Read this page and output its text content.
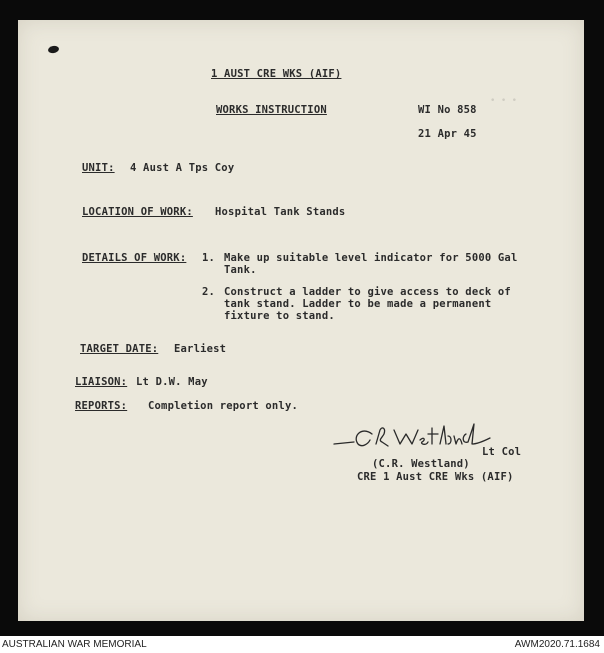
• • •
1 AUST CRE WKS (AIF)
WORKS INSTRUCTION	WI No 858
21 Apr 45
UNIT: 4 Aust A Tps Coy
LOCATION OF WORK: Hospital Tank Stands
DETAILS OF WORK: 1. Make up suitable level indicator for 5000 Gal
Tank.
2. Construct a ladder to give access to deck of
tank stand. Ladder to be made a permanent
fixture to stand.
TARGET DATE: Earliest
LIAISON: Lt D.W. May
REPORTS: Completion report only.
Lt Col
(C.R. Westland)
CRE 1 Aust CRE Wks (AIF)
AUSTRALIAN WAR MEMORIAL	AWM2020.71.1684
